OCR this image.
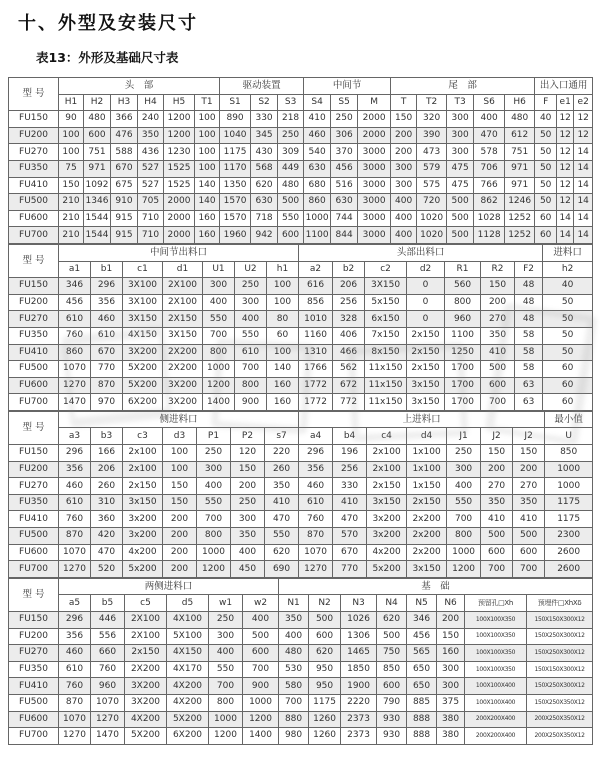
十、外型及安装尺寸
表13：外形及基础尺寸表
型 号	头　部						驱动装置			中间节			尾　部					出入口通用		
	H1	H2	H3	H4	H5	T1	S1	S2	S3	S4	S5	M	T	T2	T3	S6	H6	F	e1	e2
FU150	90	480	366	240	1200	100	890	330	218	410	250	2000	150	320	300	400	480	40	12	12
FU200	100	600	476	350	1200	100	1040	345	250	460	306	2000	200	390	300	470	612	50	12	12
FU270	100	751	588	436	1230	100	1175	430	309	540	370	3000	200	473	300	578	751	50	12	14
FU350	75	971	670	527	1525	100	1170	568	449	630	456	3000	300	579	475	706	971	50	12	14
FU410	150	1092	675	527	1525	140	1350	620	480	680	516	3000	300	575	475	766	971	50	12	14
FU500	210	1346	910	705	2000	140	1570	630	500	860	630	3000	400	720	500	862	1246	50	12	14
FU600	210	1544	915	710	2000	160	1570	718	550	1000	744	3000	400	1020	500	1028	1252	60	14	14
FU700	210	1544	915	710	2000	160	1960	942	600	1100	844	3000	400	1020	500	1128	1252	60	14	14
型 号	中间节出料口							头部出料口							进料口
	a1	b1	c1	d1	U1	U2	h1	a2	b2	c2	d2	R1	R2	F2	h2
FU150	346	296	3X100	2X100	300	250	100	616	206	3X150	0	560	150	48	40
FU200	456	356	3X100	2X100	400	300	100	856	256	5x150	0	800	200	48	50
FU270	610	460	3X150	2X150	550	400	80	1010	328	6x150	0	960	270	48	50
FU350	760	610	4X150	3X150	700	550	60	1160	406	7x150	2x150	1100	350	58	50
FU410	860	670	3X200	2X200	800	610	100	1310	466	8x150	2x150	1250	410	58	50
FU500	1070	770	5X200	2X200	1000	700	140	1766	562	11x150	2x150	1700	500	58	60
FU600	1270	870	5X200	3X200	1200	800	160	1772	672	11x150	3x150	1700	600	63	60
FU700	1470	970	6X200	3X200	1400	900	160	1772	772	11x150	3x150	1700	700	63	60
型 号	侧进料口							上进料口							最小值
	a3	b3	c3	d3	P1	P2	s7	a4	b4	c4	d4	J1	J2	J2	U
FU150	296	166	2x100	100	250	120	220	296	196	2x100	1x100	250	150	150	850
FU200	356	206	2x100	100	300	150	260	356	256	2x100	1x100	300	200	200	1000
FU270	460	260	2x150	150	400	200	350	460	330	2x150	1x150	400	270	270	1000
FU350	610	310	3x150	150	550	250	410	610	410	3x150	2x150	550	350	350	1175
FU410	760	360	3x200	200	700	300	470	760	470	3x200	2x200	700	410	410	1175
FU500	870	420	3x200	200	800	350	550	870	570	3x200	2x200	800	500	500	2300
FU600	1070	470	4x200	200	1000	400	620	1070	670	4x200	2x200	1000	600	600	2600
FU700	1270	520	5x200	200	1200	450	690	1270	770	5x200	3x150	1200	700	700	2600
型 号	两侧进料口						基　础							
	a5	b5	c5	d5	w1	w2	N1	N2	N3	N4	N5	N6	预留孔□Xh	预埋件□XhXδ
FU150	296	446	2X100	4X100	250	400	350	500	1026	620	346	200	100X100X350	150X150X300X12
FU200	356	556	2X100	5X100	300	500	400	600	1306	500	456	150	100X100X350	150X250X300X12
FU270	460	660	2x150	4X150	400	600	480	620	1465	750	565	160	100X100X350	150X250X300X12
FU350	610	760	2X200	4X170	550	700	530	950	1850	850	650	300	100X100X350	150X150X300X12
FU410	760	960	3X200	4X200	700	900	580	950	1900	600	650	300	100X100X400	150X250X300X12
FU500	870	1070	3X200	4X200	800	1000	700	1175	2220	790	885	375	100X100X400	150X250X350X12
FU600	1070	1270	4X200	5X200	1000	1200	880	1260	2373	930	888	380	200X200X400	200X250X350X12
FU700	1270	1470	5X200	6X200	1200	1400	980	1260	2373	930	888	380	200X200X400	200X250X350X12
